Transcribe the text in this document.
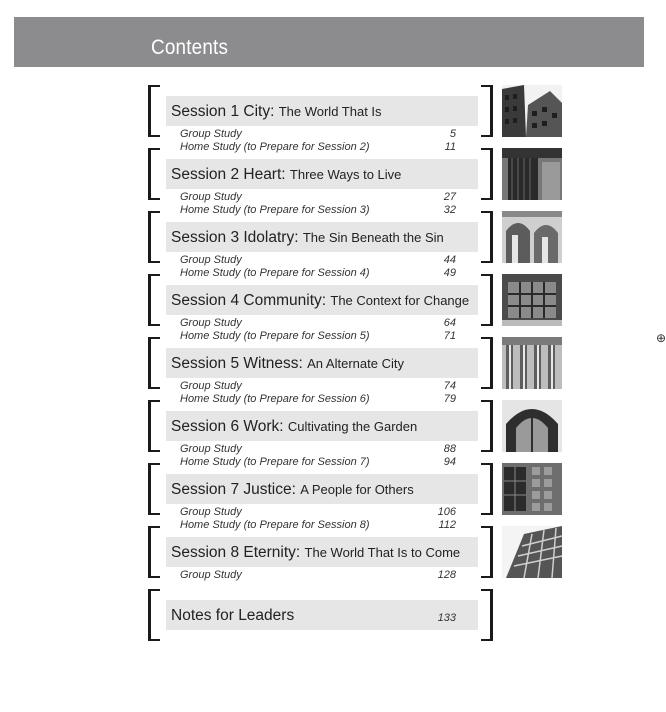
Contents
⊕
Session 1 City: The World That Is
Group Study	5
Home Study (to Prepare for Session 2)	11
Session 2 Heart: Three Ways to Live
Group Study	27
Home Study (to Prepare for Session 3)	32
Session 3 Idolatry: The Sin Beneath the Sin
Group Study	44
Home Study (to Prepare for Session 4)	49
Session 4 Community: The Context for Change
Group Study	64
Home Study (to Prepare for Session 5)	71
Session 5 Witness: An Alternate City
Group Study	74
Home Study (to Prepare for Session 6)	79
Session 6 Work: Cultivating the Garden
Group Study	88
Home Study (to Prepare for Session 7)	94
Session 7 Justice: A People for Others
Group Study	106
Home Study (to Prepare for Session 8)	112
Session 8 Eternity: The World That Is to Come
Group Study	128
Notes for Leaders	133
